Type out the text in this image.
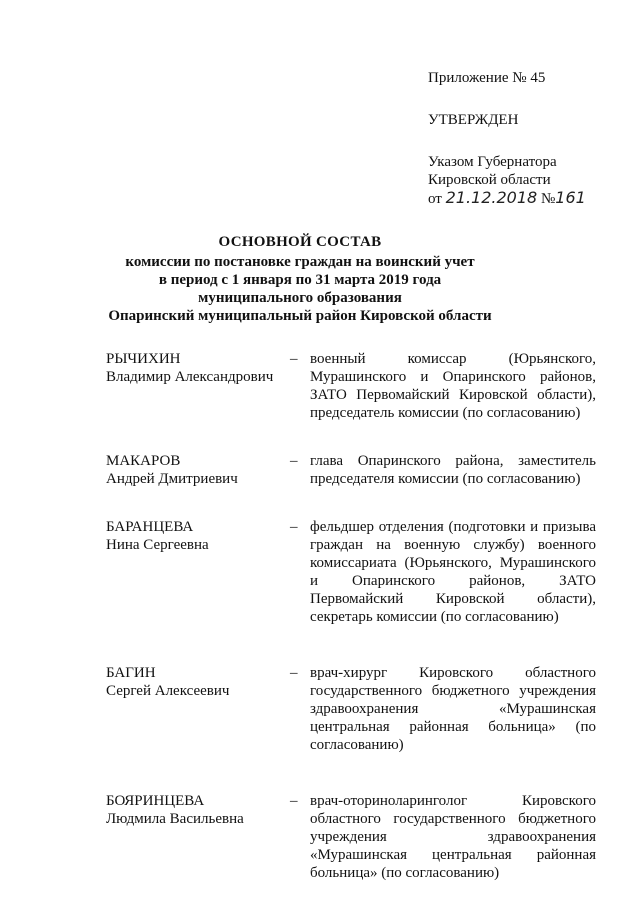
Приложение № 45
УТВЕРЖДЕН
Указом Губернатора
Кировской области
от 21.12.2018 №161
ОСНОВНОЙ СОСТАВ
комиссии по постановке граждан на воинский учет
в период с 1 января по 31 марта 2019 года
муниципального образования
Опаринский муниципальный район Кировской области
РЫЧИХИН
Владимир Александрович
– военный комиссар (Юрьянского, Мурашинского и Опаринского районов, ЗАТО Первомайский Кировской области), председатель комиссии (по согласованию)
МАКАРОВ
Андрей Дмитриевич
– глава Опаринского района, заместитель председателя комиссии (по согласованию)
БАРАНЦЕВА
Нина Сергеевна
– фельдшер отделения (подготовки и призыва граждан на военную службу) военного комиссариата (Юрьянского, Мурашинского и Опаринского районов, ЗАТО Первомайский Кировской области), секретарь комиссии (по согласованию)
БАГИН
Сергей Алексеевич
– врач-хирург Кировского областного государственного бюджетного учреждения здравоохранения «Мурашинская центральная районная больница» (по согласованию)
БОЯРИНЦЕВА
Людмила Васильевна
– врач-оториноларинголог Кировского областного государственного бюджетного учреждения здравоохранения «Мурашинская центральная районная больница» (по согласованию)
